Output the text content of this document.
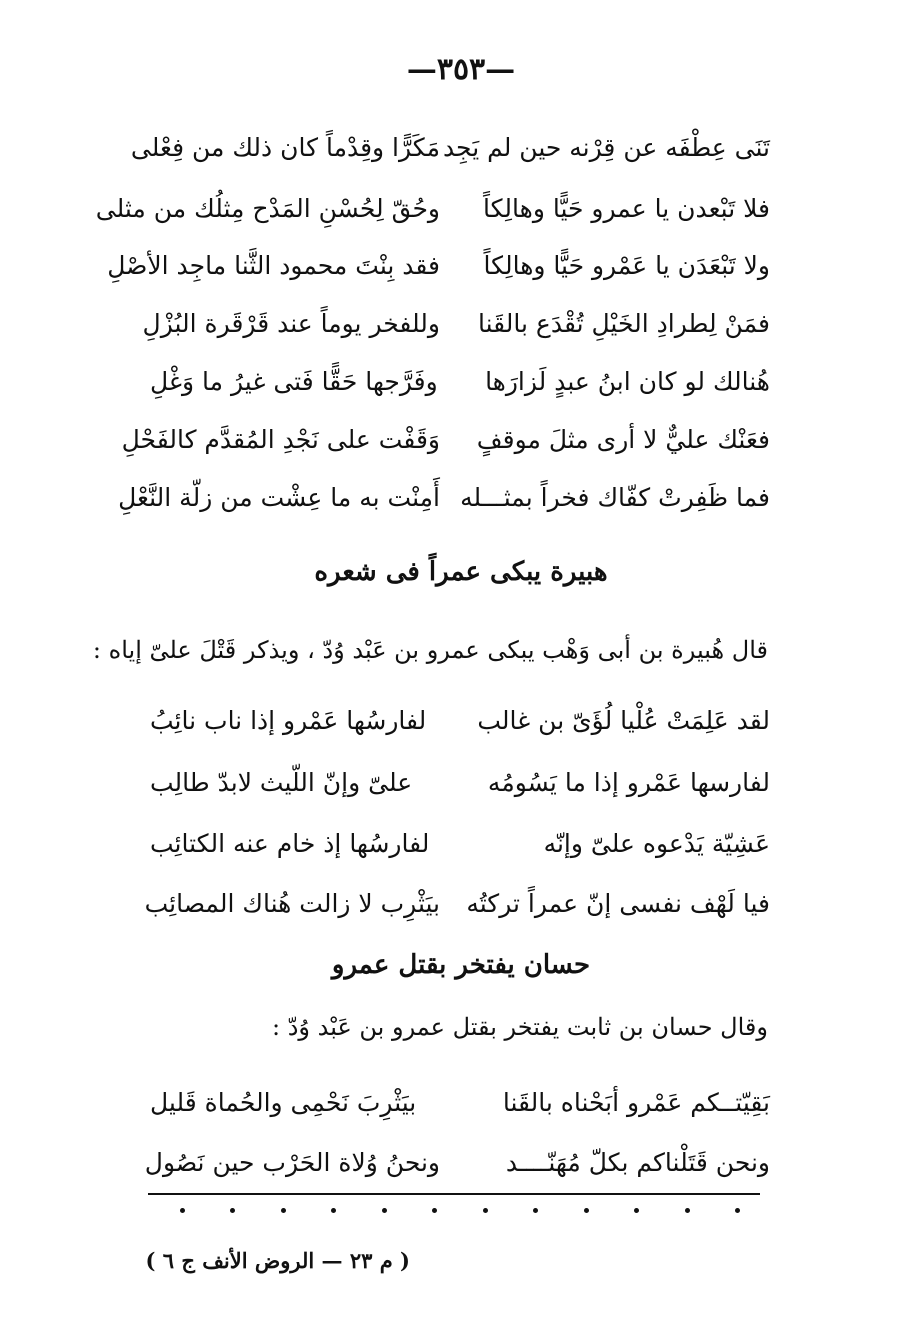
—٣٥٣—
تَنَى عِطْفَه عن قِرْنه حين لم يَجِد
مَكَرًّا وقِدْماً كان ذلك من فِعْلى
فلا تَبْعدن يا عمرو حَيًّا وهالِكاً
وحُقّ لِحُسْنِ المَدْح مِثلُك من مثلى
ولا تَبْعَدَن يا عَمْرو حَيًّا وهالِكاً
فقد بِنْتَ محمود الثَّنا ماجِد الأصْلِ
فمَنْ لِطرادِ الخَيْلِ تُقْدَع بالقَنا
وللفخر يوماً عند قَرْقَرة البُزْلِ
هُنالك لو كان ابنُ عبدٍ لَزارَها
وفَرَّجها حَقًّا فَتى غيرُ ما وَغْلِ
فعَنْك عليٌّ لا أرى مثلَ موقفٍ
وَقَفْت على نَجْدِ المُقدَّم كالفَحْلِ
فما ظَفِرتْ كفّاك فخراً بمثـــله
أَمِنْت به ما عِشْت من زلّة النَّعْلِ
هبيرة يبكى عمراً فى شعره
قال هُبيرة بن أبى وَهْب يبكى عمرو بن عَبْد وُدّ ، ويذكر قَتْلَ علىّ إياه :
لقد عَلِمَتْ عُلْيا لُؤَىّ بن غالب
لفارسُها عَمْرو إذا ناب نائِبُ
لفارسها عَمْرو إذا ما يَسُومُه
علىّ وإنّ اللّيث لابدّ طالِب
عَشِيّة يَدْعوه علىّ وإنّه
لفارسُها إذ خام عنه الكتائِب
فيا لَهْف نفسى إنّ عمراً تركتُه
بيَثْرِب لا زالت هُناك المصائِب
حسان يفتخر بقتل عمرو
وقال حسان بن ثابت يفتخر بقتل عمرو بن عَبْد وُدّ :
بَقِيّتــكم عَمْرو أبَحْناه بالقَنا
بيَثْرِبَ نَحْمِى والحُماة قَليل
ونحن قَتَلْناكم بكلّ مُهَنّــــد
ونحنُ وُلاة الحَرْب حين نَصُول
( م ٢٣ — الروض الأنف ج ٦ )
